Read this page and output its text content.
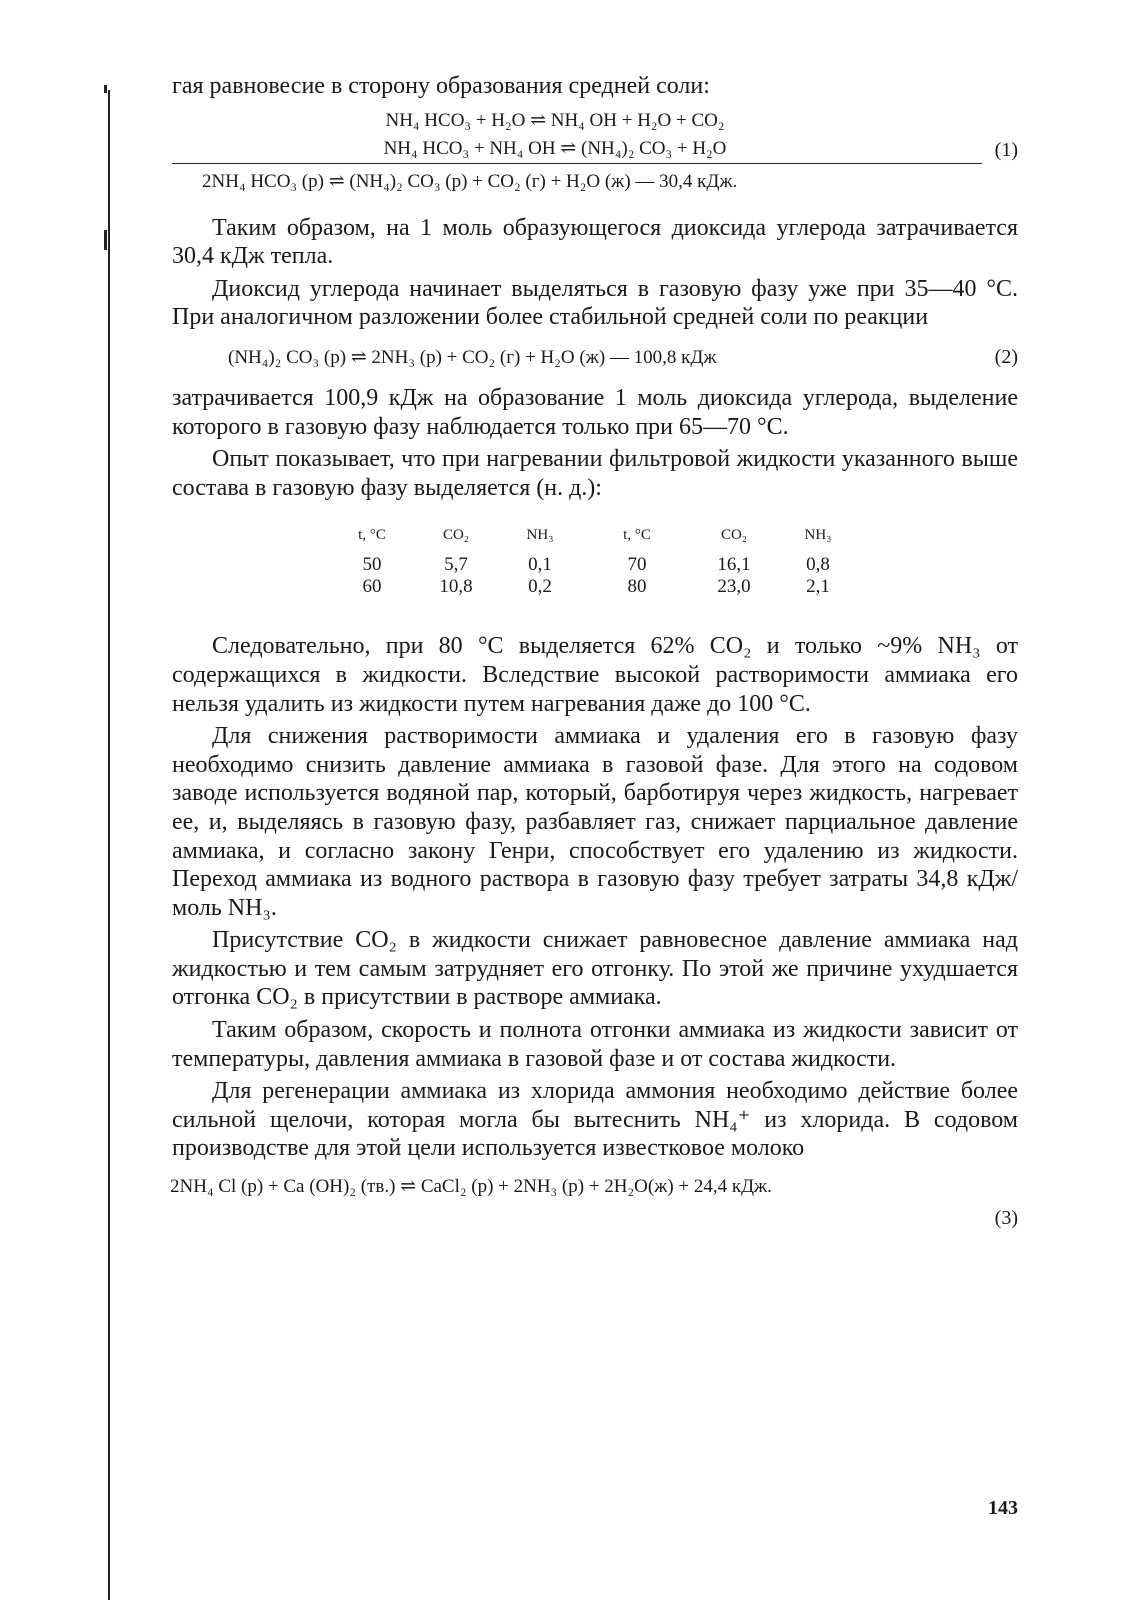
гая равновесие в сторону образования средней соли:

NH₄ HCO₃ + H₂O ⇌ NH₄ OH + H₂O + CO₂
NH₄ HCO₃ + NH₄ OH ⇌ (NH₄)₂ CO₃ + H₂O	(1)
2NH₄ HCO₃ (р) ⇌ (NH₄)₂ CO₃ (р) + CO₂ (г) + H₂O (ж) — 30,4 кДж.

Таким образом, на 1 моль образующегося диоксида углерода затрачивается 30,4 кДж тепла.

Диоксид углерода начинает выделяться в газовую фазу уже при 35—40 °С. При аналогичном разложении более стабильной средней соли по реакции

(NH₄)₂ CO₃ (р) ⇌ 2NH₃ (р) + CO₂ (г) + H₂O (ж) — 100,8 кДж	(2)

затрачивается 100,9 кДж на образование 1 моль диоксида углерода, выделение которого в газовую фазу наблюдается только при 65—70 °С.

Опыт показывает, что при нагревании фильтровой жидкости указанного выше состава в газовую фазу выделяется (н. д.):

t, °C	CO₂	NH₃	t, °C	CO₂	NH₃
50	5,7	0,1	70	16,1	0,8
60	10,8	0,2	80	23,0	2,1

Следовательно, при 80 °С выделяется 62% CO₂ и только ~9% NH₃ от содержащихся в жидкости. Вследствие высокой растворимости аммиака его нельзя удалить из жидкости путем нагревания даже до 100 °С.

Для снижения растворимости аммиака и удаления его в газовую фазу необходимо снизить давление аммиака в газовой фазе. Для этого на содовом заводе используется водяной пар, который, барботируя через жидкость, нагревает ее, и, выделяясь в газовую фазу, разбавляет газ, снижает парциальное давление аммиака, и согласно закону Генри, способствует его удалению из жидкости. Переход аммиака из водного раствора в газовую фазу требует затраты 34,8 кДж/моль NH₃.

Присутствие CO₂ в жидкости снижает равновесное давление аммиака над жидкостью и тем самым затрудняет его отгонку. По этой же причине ухудшается отгонка CO₂ в присутствии в растворе аммиака.

Таким образом, скорость и полнота отгонки аммиака из жидкости зависит от температуры, давления аммиака в газовой фазе и от состава жидкости.

Для регенерации аммиака из хлорида аммония необходимо действие более сильной щелочи, которая могла бы вытеснить NH₄⁺ из хлорида. В содовом производстве для этой цели используется известковое молоко

2NH₄ Cl (р) + Ca (OH)₂ (тв.) ⇌ CaCl₂ (р) + 2NH₃ (р) + 2H₂O(ж) + 24,4 кДж.
(3)
143
